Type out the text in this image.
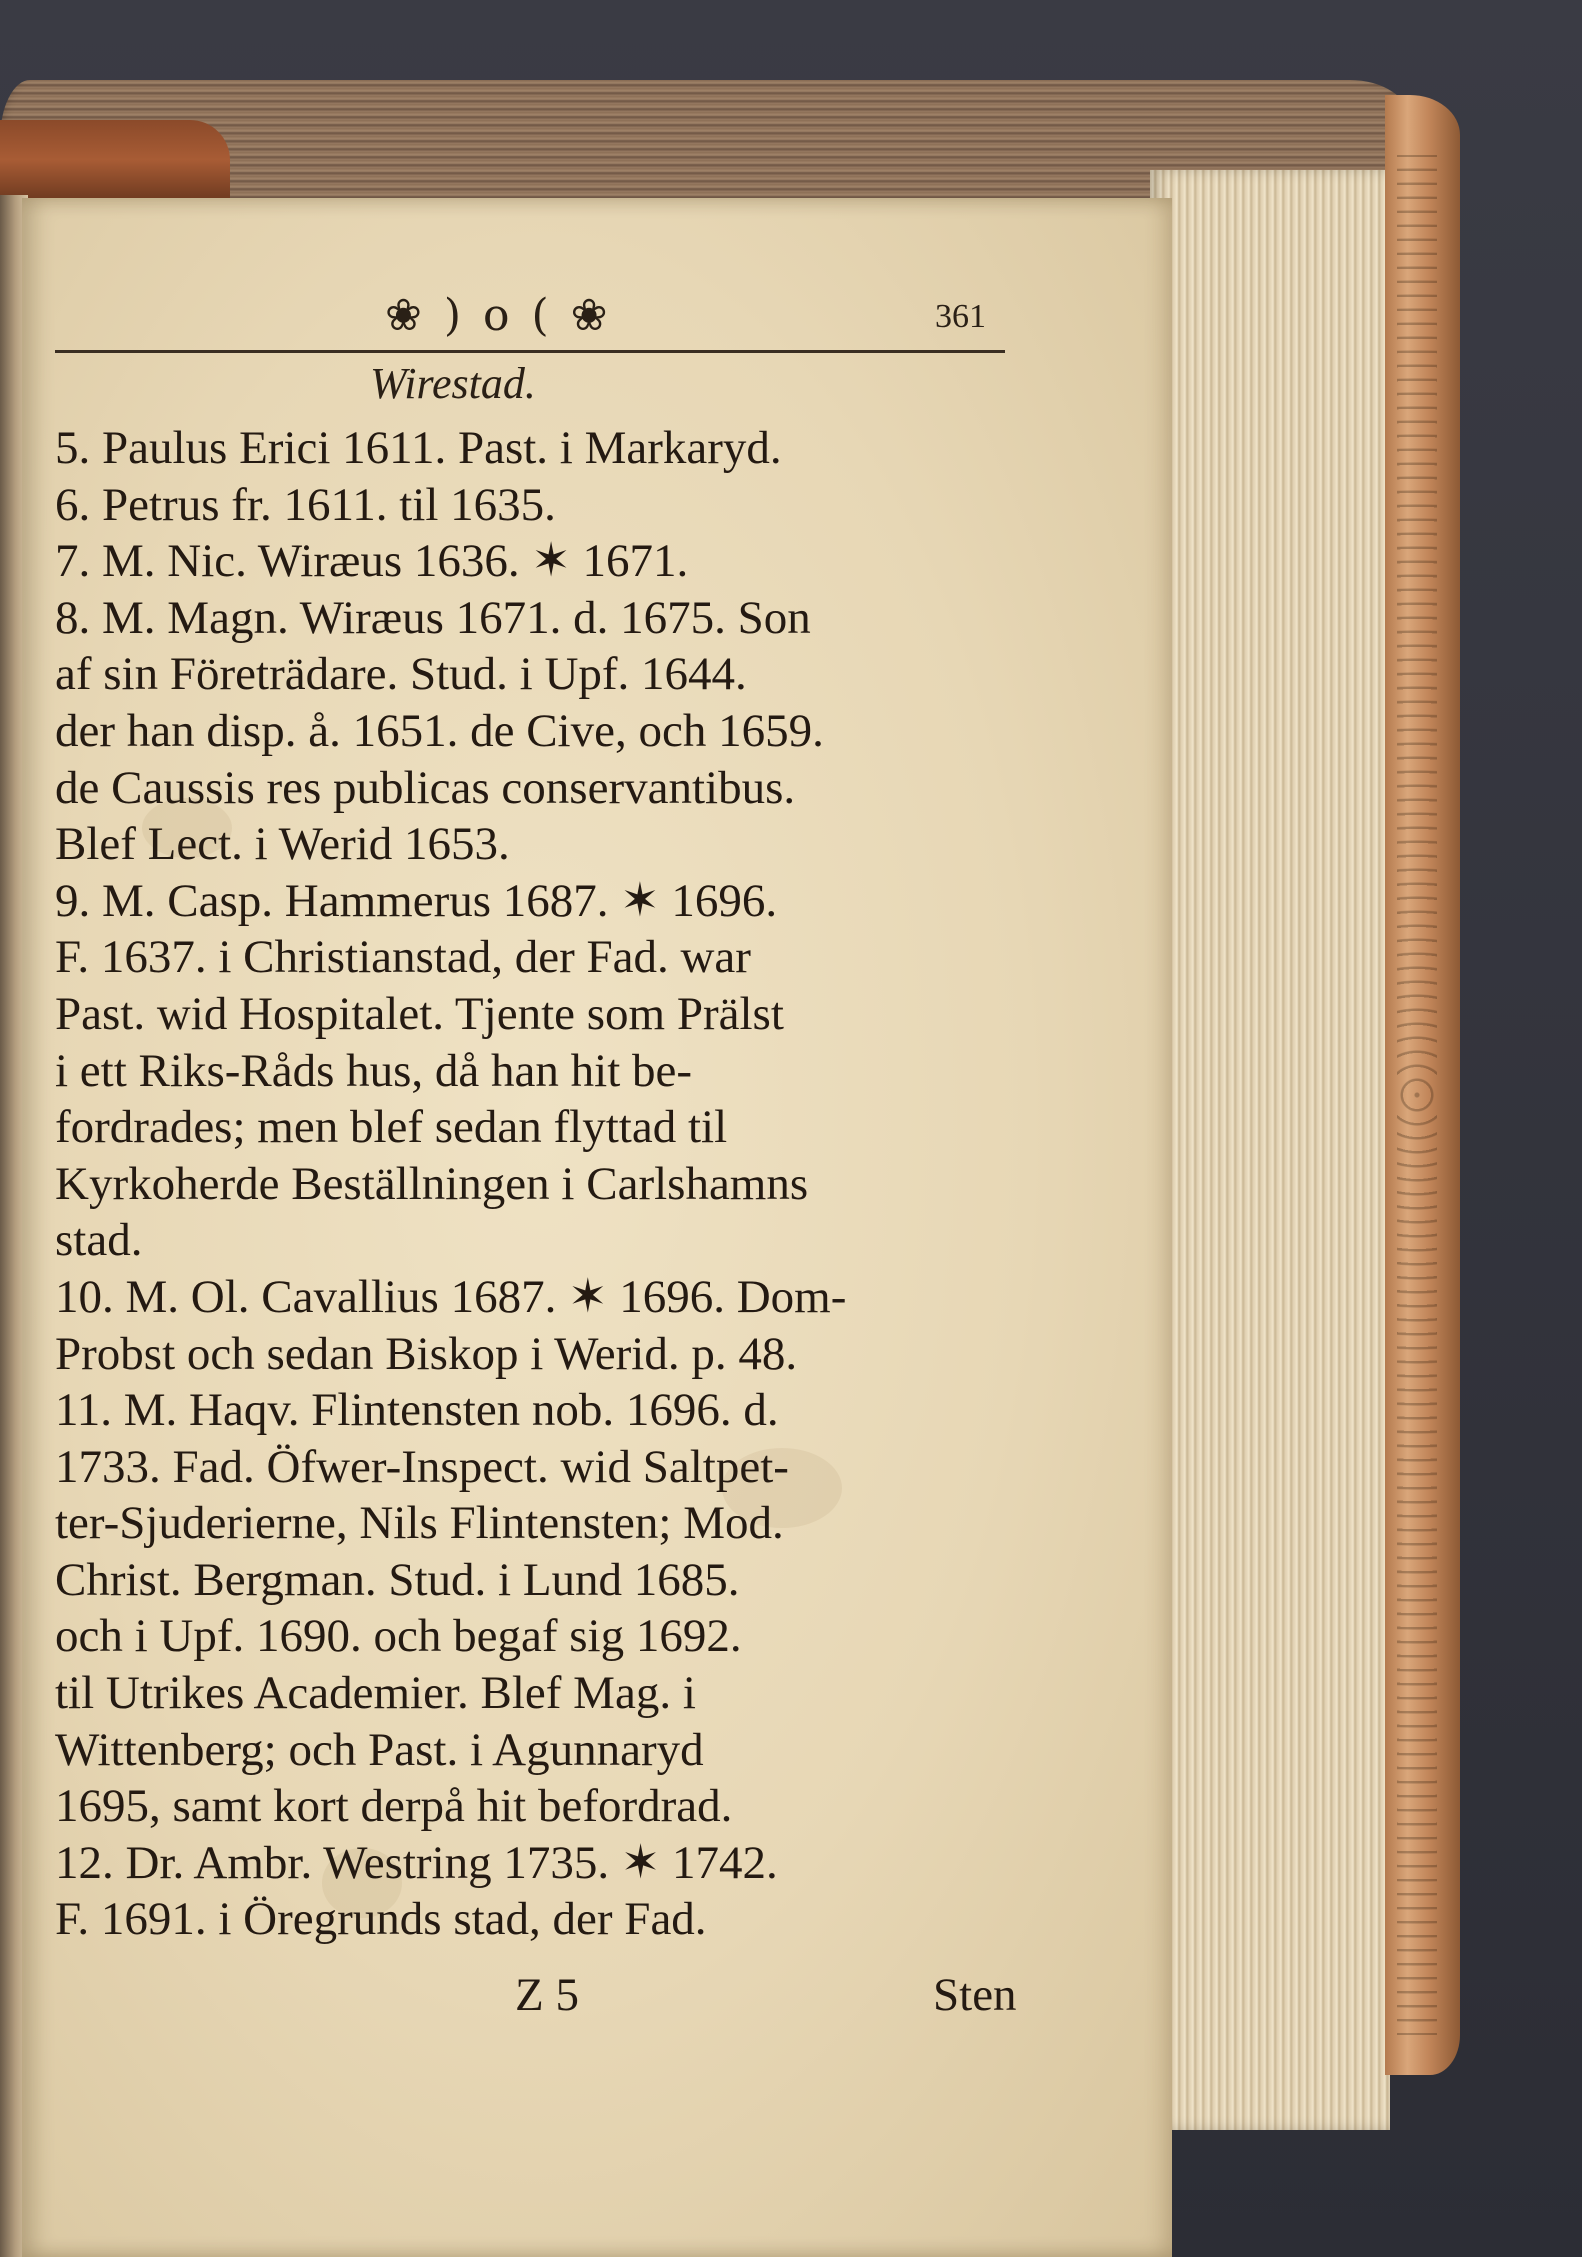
❀ ) o ( ❀	361
Wirestad.
5. Paulus Erici 1611. Past. i Markaryd.
6. Petrus fr. 1611. til 1635.
7. M. Nic. Wiræus 1636. ✶ 1671.
8. M. Magn. Wiræus 1671. d. 1675. Son
af sin Företrädare. Stud. i Upf. 1644.
der han disp. å. 1651. de Cive, och 1659.
de Caussis res publicas conservantibus.
Blef Lect. i Werid 1653.
9. M. Casp. Hammerus 1687. ✶ 1696.
F. 1637. i Christianstad, der Fad. war
Past. wid Hospitalet. Tjente som Prälst
i ett Riks-Råds hus, då han hit be-
fordrades; men blef sedan flyttad til
Kyrkoherde Beställningen i Carlshamns
stad.
10. M. Ol. Cavallius 1687. ✶ 1696. Dom-
Probst och sedan Biskop i Werid. p. 48.
11. M. Haqv. Flintensten nob. 1696. d.
1733. Fad. Öfwer-Inspect. wid Saltpet-
ter-Sjuderierne, Nils Flintensten; Mod.
Christ. Bergman. Stud. i Lund 1685.
och i Upf. 1690. och begaf sig 1692.
til Utrikes Academier. Blef Mag. i
Wittenberg; och Past. i Agunnaryd
1695, samt kort derpå hit befordrad.
12. Dr. Ambr. Westring 1735. ✶ 1742.
F. 1691. i Öregrunds stad, der Fad.
Z 5	Sten
